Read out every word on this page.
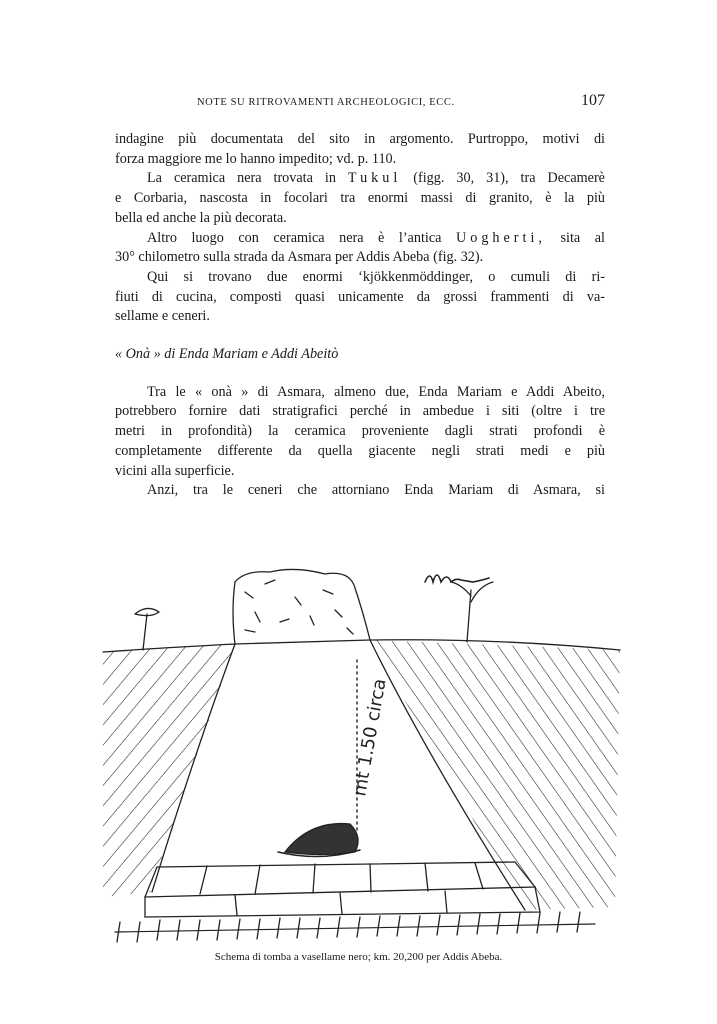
NOTE SU RITROVAMENTI ARCHEOLOGICI, ECC.	107

indagine più documentata del sito in argomento. Purtroppo, motivi di

forza maggiore me lo hanno impedito; vd. p. 110.

La ceramica nera trovata in Tukul (figg. 30, 31), tra Decamerè

e Corbaria, nascosta in focolari tra enormi massi di granito, è la più

bella ed anche la più decorata.

Altro luogo con ceramica nera è l’antica Uogherti, sita al

30° chilometro sulla strada da Asmara per Addis Abeba (fig. 32).

Qui si trovano due enormi ‘kjökkenmöddinger, o cumuli di ri-

fiuti di cucina, composti quasi unicamente da grossi frammenti di va-

sellame e ceneri.

« Onà » di Enda Mariam e Addi Abeitò

Tra le « onà » di Asmara, almeno due, Enda Mariam e Addi Abeito,

potrebbero fornire dati stratigrafici perché in ambedue i siti (oltre i tre

metri in profondità) la ceramica proveniente dagli strati profondi è

completamente differente da quella giacente negli strati medi e più

vicini alla superficie.

Anzi, tra le ceneri che attorniano Enda Mariam di Asmara, si

mt 1.50 circa
Schema di tomba a vasellame nero; km. 20,200 per Addis Abeba.
